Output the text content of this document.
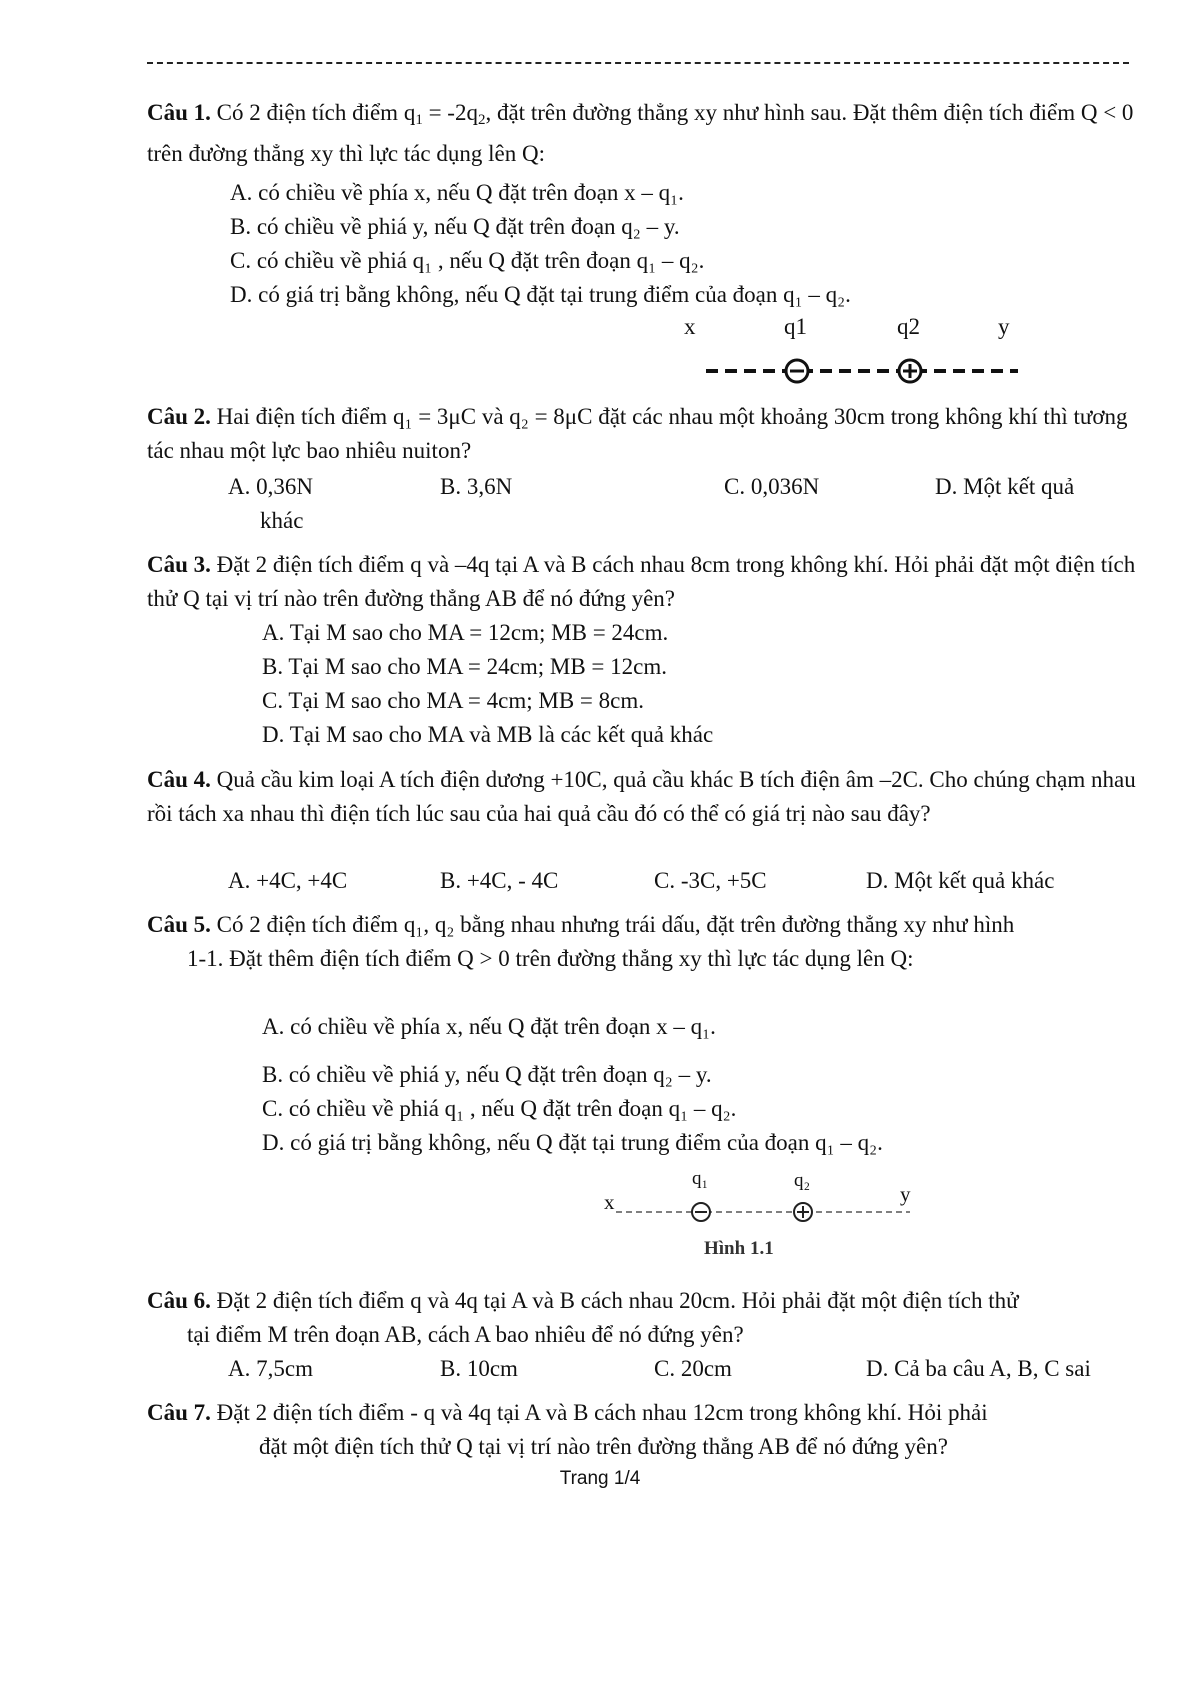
Câu 1. Có 2 điện tích điểm $q_1 = -2q_2$, đặt trên đường thẳng xy như hình sau. Đặt thêm điện tích điểm Q < 0 trên đường thẳng xy thì lực tác dụng lên Q:
A. có chiều về phía x, nếu Q đặt trên đoạn x – q₁.
B. có chiều về phiá y, nếu Q đặt trên đoạn q₂ – y.
C. có chiều về phiá q₁ , nếu Q đặt trên đoạn q₁ – q₂.
D. có giá trị bằng không, nếu Q đặt tại trung điểm của đoạn q₁ – q₂.
x	q1	q2	y
Câu 2. Hai điện tích điểm q₁ = 3μC và q₂ = 8μC đặt các nhau một khoảng 30cm trong không khí thì tương tác nhau một lực bao nhiêu nuiton?
A. 0,36N	B. 3,6N	C. 0,036N	D. Một kết quả
khác
Câu 3. Đặt 2 điện tích điểm q và –4q tại A và B cách nhau 8cm trong không khí. Hỏi phải đặt một điện tích thử Q tại vị trí nào trên đường thẳng AB để nó đứng yên?
A. Tại M sao cho MA = 12cm; MB = 24cm.
B. Tại M sao cho MA = 24cm; MB = 12cm.
C. Tại M sao cho MA = 4cm; MB = 8cm.
D. Tại M sao cho MA và MB là các kết quả khác
Câu 4. Quả cầu kim loại A tích điện dương +10C, quả cầu khác B tích điện âm –2C. Cho chúng chạm nhau rồi tách xa nhau thì điện tích lúc sau của hai quả cầu đó có thể có giá trị nào sau đây?
A. +4C, +4C	B. +4C, - 4C	C. -3C, +5C	D. Một kết quả khác
Câu 5. Có 2 điện tích điểm q₁, q₂ bằng nhau nhưng trái dấu, đặt trên đường thẳng xy như hình
1-1. Đặt thêm điện tích điểm Q > 0 trên đường thẳng xy thì lực tác dụng lên Q:
A. có chiều về phía x, nếu Q đặt trên đoạn x – q₁.
B. có chiều về phiá y, nếu Q đặt trên đoạn q₂ – y.
C. có chiều về phiá q₁ , nếu Q đặt trên đoạn q₁ – q₂.
D. có giá trị bằng không, nếu Q đặt tại trung điểm của đoạn q₁ – q₂.
x
q₁	q₂
y
Hình 1.1
Câu 6. Đặt 2 điện tích điểm q và 4q tại A và B cách nhau 20cm. Hỏi phải đặt một điện tích thử
tại điểm M trên đoạn AB, cách A bao nhiêu để nó đứng yên?
A. 7,5cm	B. 10cm	C. 20cm	D. Cả ba câu A, B, C sai
Câu 7. Đặt 2 điện tích điểm - q và 4q tại A và B cách nhau 12cm trong không khí. Hỏi phải
đặt một điện tích thử Q tại vị trí nào trên đường thẳng AB để nó đứng yên?
Trang 1/4
